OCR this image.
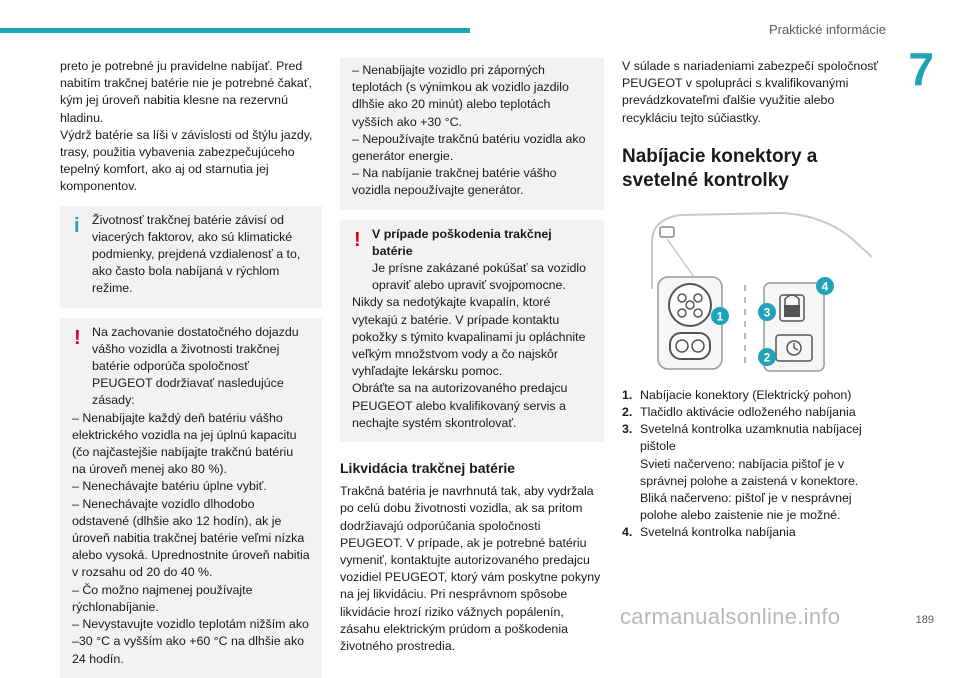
Praktické informácie
7

preto je potrebné ju pravidelne nabíjať. Pred nabitím trakčnej batérie nie je potrebné čakať, kým jej úroveň nabitia klesne na rezervnú hladinu.

Výdrž batérie sa líši v závislosti od štýlu jazdy, trasy, použitia vybavenia zabezpečujúceho tepelný komfort, ako aj od starnutia jej komponentov.

i	Životnosť trakčnej batérie závisí od viacerých faktorov, ako sú klimatické podmienky, prejdená vzdialenosť a to, ako často bola nabíjaná v rýchlom režime.

! Na zachovanie dostatočného dojazdu vášho vozidla a životnosti trakčnej batérie odporúča spoločnosť PEUGEOT dodržiavať nasledujúce zásady:

– Nenabíjajte každý deň batériu vášho elektrického vozidla na jej úplnú kapacitu (čo najčastejšie nabíjajte trakčnú batériu na úroveň menej ako 80 %).

– Nenechávajte batériu úplne vybiť.

– Nenechávajte vozidlo dlhodobo odstavené (dlhšie ako 12 hodín), ak je úroveň nabitia trakčnej batérie veľmi nízka alebo vysoká. Uprednostnite úroveň nabitia v rozsahu od 20 do 40 %.

– Čo možno najmenej používajte rýchlonabíjanie.

– Nevystavujte vozidlo teplotám nižším ako –30 °C a vyšším ako +60 °C na dlhšie ako 24 hodín.

– Nenabíjajte vozidlo pri záporných teplotách (s výnimkou ak vozidlo jazdilo dlhšie ako 20 minút) alebo teplotách vyšších ako +30 °C.

– Nepoužívajte trakčnú batériu vozidla ako generátor energie.

– Na nabíjanie trakčnej batérie vášho vozidla nepoužívajte generátor.

! V prípade poškodenia trakčnej batérie

Je prísne zakázané pokúšať sa vozidlo opraviť alebo upraviť svojpomocne.

Nikdy sa nedotýkajte kvapalín, ktoré vytekajú z batérie. V prípade kontaktu pokožky s týmito kvapalinami ju opláchnite veľkým množstvom vody a čo najskôr vyhľadajte lekársku pomoc.

Obráťte sa na autorizovaného predajcu PEUGEOT alebo kvalifikovaný servis a nechajte systém skontrolovať.

Likvidácia trakčnej batérie

Trakčná batéria je navrhnutá tak, aby vydržala po celú dobu životnosti vozidla, ak sa pritom dodržiavajú odporúčania spoločnosti PEUGEOT. V prípade, ak je potrebné batériu vymeniť, kontaktujte autorizovaného predajcu vozidiel PEUGEOT, ktorý vám poskytne pokyny na jej likvidáciu. Pri nesprávnom spôsobe likvidácie hrozí riziko vážnych popálenín, zásahu elektrickým prúdom a poškodenia životného prostredia.

V súlade s nariadeniami zabezpečí spoločnosť PEUGEOT v spolupráci s kvalifikovanými prevádzkovateľmi ďalšie využitie alebo recykláciu tejto súčiastky.

Nabíjacie konektory a svetelné kontrolky
1
2
3
4
1. Nabíjacie konektory (Elektrický pohon)
2. Tlačidlo aktivácie odloženého nabíjania
3. Svetelná kontrolka uzamknutia nabíjacej pištole
Svieti načerveno: nabíjacia pištoľ je v správnej polohe a zaistená v konektore.
Bliká načerveno: pištoľ je v nesprávnej polohe alebo zaistenie nie je možné.
4. Svetelná kontrolka nabíjania
carmanualsonline.info	189
